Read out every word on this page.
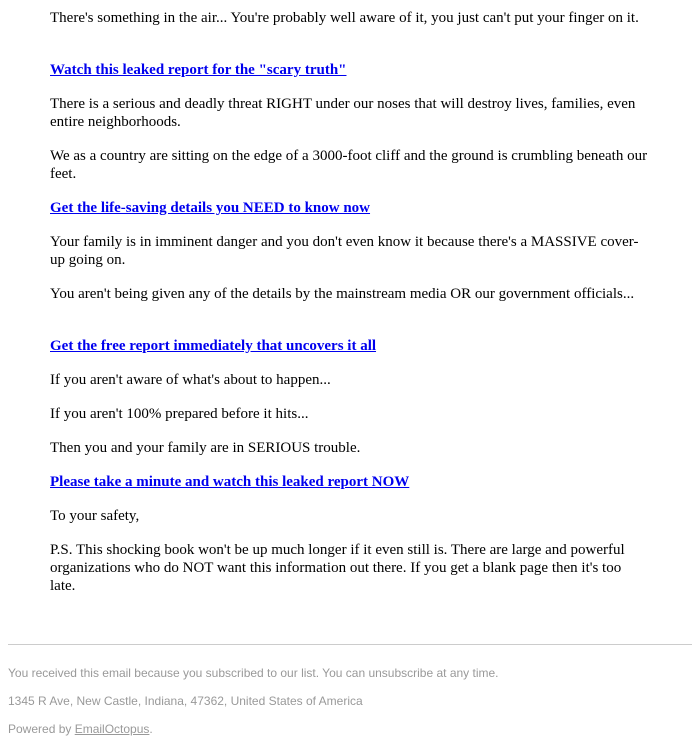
There's something in the air... You're probably well aware of it, you just can't put your finger on it.

Watch this leaked report for the "scary truth"

There is a serious and deadly threat RIGHT under our noses that will destroy lives, families, even entire neighborhoods.

We as a country are sitting on the edge of a 3000-foot cliff and the ground is crumbling beneath our feet.

Get the life-saving details you NEED to know now

Your family is in imminent danger and you don't even know it because there's a MASSIVE cover-up going on.

You aren't being given any of the details by the mainstream media OR our government officials...

Get the free report immediately that uncovers it all

If you aren't aware of what's about to happen...

If you aren't 100% prepared before it hits...

Then you and your family are in SERIOUS trouble.

Please take a minute and watch this leaked report NOW

To your safety,

P.S. This shocking book won't be up much longer if it even still is. There are large and powerful organizations who do NOT want this information out there. If you get a blank page then it's too late.

You received this email because you subscribed to our list. You can unsubscribe at any time.

1345 R Ave, New Castle, Indiana, 47362, United States of America

Powered by EmailOctopus.
